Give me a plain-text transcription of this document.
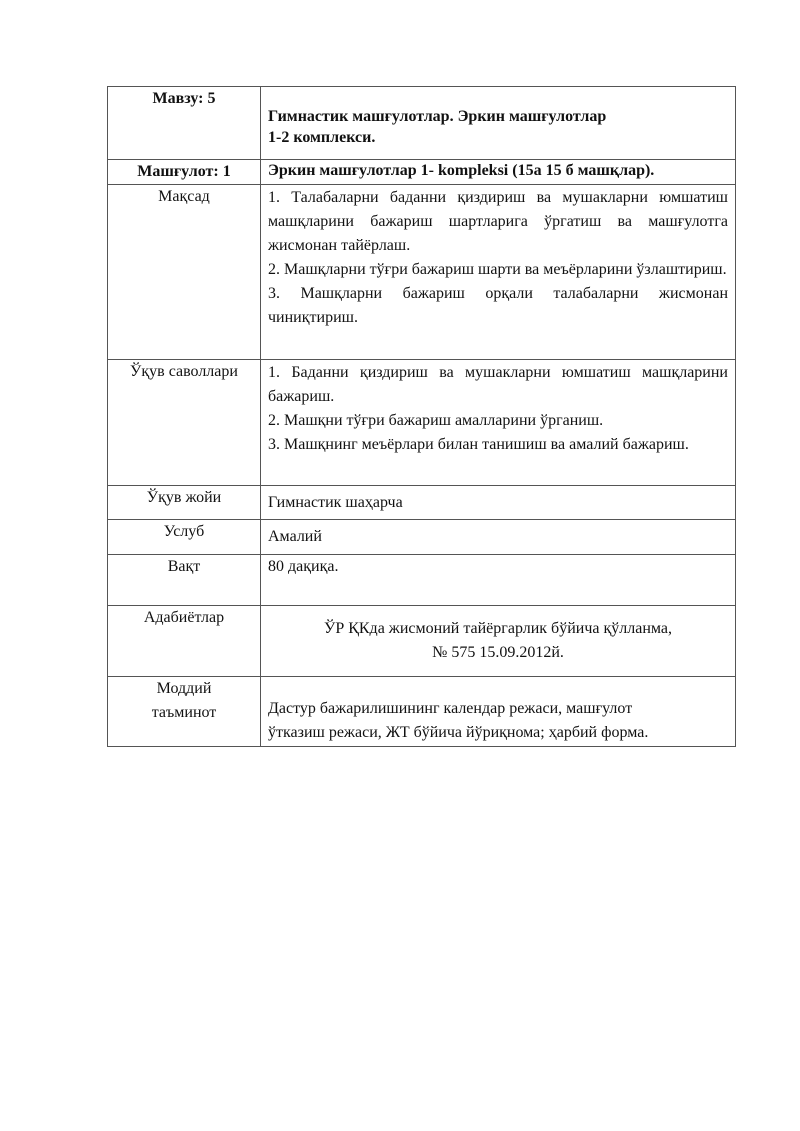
Мавзу: 5	Гимнастик машғулотлар. Эркин машғулотлар
1-2 комплекси.

Машғулот: 1	Эркин машғулотлар 1- kompleksi (15а 15 б машқлар).
Мақсад	1. Талабаларни баданни қиздириш ва мушакларни юмшатиш машқларини бажариш шартларига ўргатиш ва машғулотга жисмонан тайёрлаш.
2. Машқларни тўғри бажариш шарти ва меъёрларини ўзлаштириш.
3. Машқларни бажариш орқали талабаларни жисмонан чиниқтириш.

Ўқув саволлари	1. Баданни қиздириш ва мушакларни юмшатиш машқларини бажариш.
2. Машқни тўғри бажариш амалларини ўрганиш.
3. Машқнинг меъёрлари билан танишиш ва амалий бажариш.

Ўқув жойи	Гимнастик шаҳарча
Услуб	Амалий
Вақт	80 дақиқа.
Адабиётлар	ЎР ҚКда жисмоний тайёргарлик бўйича қўлланма,
№ 575 15.09.2012й.

Моддий
таъминот	Дастур бажарилишининг календар режаси, машғулот
ўтказиш режаси, ЖТ бўйича йўриқнома; ҳарбий форма.
